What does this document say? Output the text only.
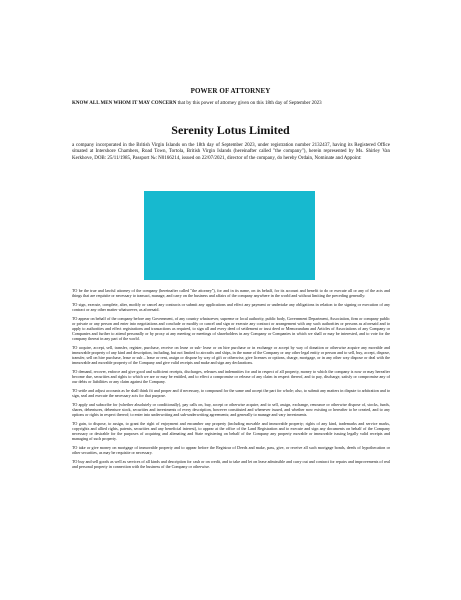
POWER OF ATTORNEY
KNOW ALL MEN WHOM IT MAY CONCERN that by this power of attorney given on this 18th day of September 2023
Serenity Lotus Limited
a company incorporated in the British Virgin Islands on the 18th day of September 2023, under registration number 2132437, having its Registered Office situated at Intershore Chambers, Road Town, Tortola, British Virgin Islands (hereinafter called "the company"), herein represented by Ms. Shirley Van Kerkhove, DOB: 25/11/1985, Passport №: N0166214, issued on 22/07/2021, director of the company, do hereby Ordain, Nominate and Appoint:

TO be the true and lawful attorney of the company (hereinafter called "the attorney"), for and in its name, on its behalf, for its account and benefit to do or execute all or any of the acts and things that are requisite or necessary to transact, manage, and carry on the business and affairs of the company anywhere in the world and without limiting the preceding generally:

TO sign, execute, complete, alter, modify or cancel any contracts or submit any applications and effect any payment or undertake any obligations in relation to the signing or execution of any contract or any other matter whatsoever, as aforesaid.

TO appear on behalf of the company before any Government, of any country whatsoever, supreme or local authority, public body, Government Department, Association, firm or company public or private or any person and enter into negotiations and conclude or modify or cancel and sign or execute any contract or arrangement with any such authorities or persons as aforesaid and to apply to authorities and effect registrations and transactions as required, to sign all and every deed of settlement or trust deed or Memorandum and Articles of Associations of any Company or Companies and further to attend personally or by proxy at any meeting or meetings of shareholders in any Company or Companies in which we shall or may be interested, and to vote for the company thereat in any part of the world.

TO acquire, accept, sell, transfer, register, purchase, receive on lease or sub- lease or on hire purchase or in exchange or accept by way of donation or otherwise acquire any movable and immovable property of any kind and description, including, but not limited to aircrafts and ships, in the name of the Company or any other legal entity or person and to sell, buy, accept, dispose, transfer, sell on hire purchase, lease or sub – lease or rent, assign or dispose by way of gift or otherwise, give licenses or options, charge, mortgage, or in any other way dispose or deal with the immovable and movable property of the Company and give valid receipts and make and sign any declarations.

TO demand, recover, enforce and give good and sufficient receipts, discharges, releases and indemnities for and in respect of all property, money to which the company is now or may hereafter become due, securities and rights to which we are or may be entitled, and to effect a compromise or release of any claim in respect thereof, and to pay, discharge, satisfy or compromise any of our debts or liabilities or any claim against the Company.

TO settle and adjust accounts as he shall think fit and proper and if necessary, to compound for the same and accept the part for whole; also, to submit any matters in dispute to arbitration and to sign, seal and execute the necessary acts for that purpose.

TO apply and subscribe for (whether absolutely or conditionally), pay calls on, buy, accept or otherwise acquire, and to sell, assign, exchange, renounce or otherwise dispose of, stocks, funds, shares, debentures, debenture stock, securities and investments of every description, however constituted and whenever issued, and whether now existing or hereafter to be created, and to any options or rights in respect thereof; to enter into underwriting and sub-underwriting agreements; and generally to manage and vary investments.

TO gain, to dispose, to assign, to grant the right of enjoyment and encumber any property (including movable and immovable property; rights of any kind, trademarks and service marks, copyrights and allied rights, patents, securities and any beneficial interest), to appear at the office of the Land Registration and to execute and sign any documents on behalf of the Company necessary or desirable for the purposes of acquiring and alienating and State registering on behalf of the Company any property movable or immovable issuing legally valid receipts and managing of such property.

TO take or give money on mortgage of immovable property and to appear before the Registrar of Deeds and make, pass, give, or receive all such mortgage bonds, deeds of hypothecation or other securities, as may be requisite or necessary.

TO buy and sell goods as well as services of all kinds and description for cash or on credit, and to take and let on lease admissible and carry out and contract for repairs and improvements of real and personal property in connection with the business of the Company or otherwise.
